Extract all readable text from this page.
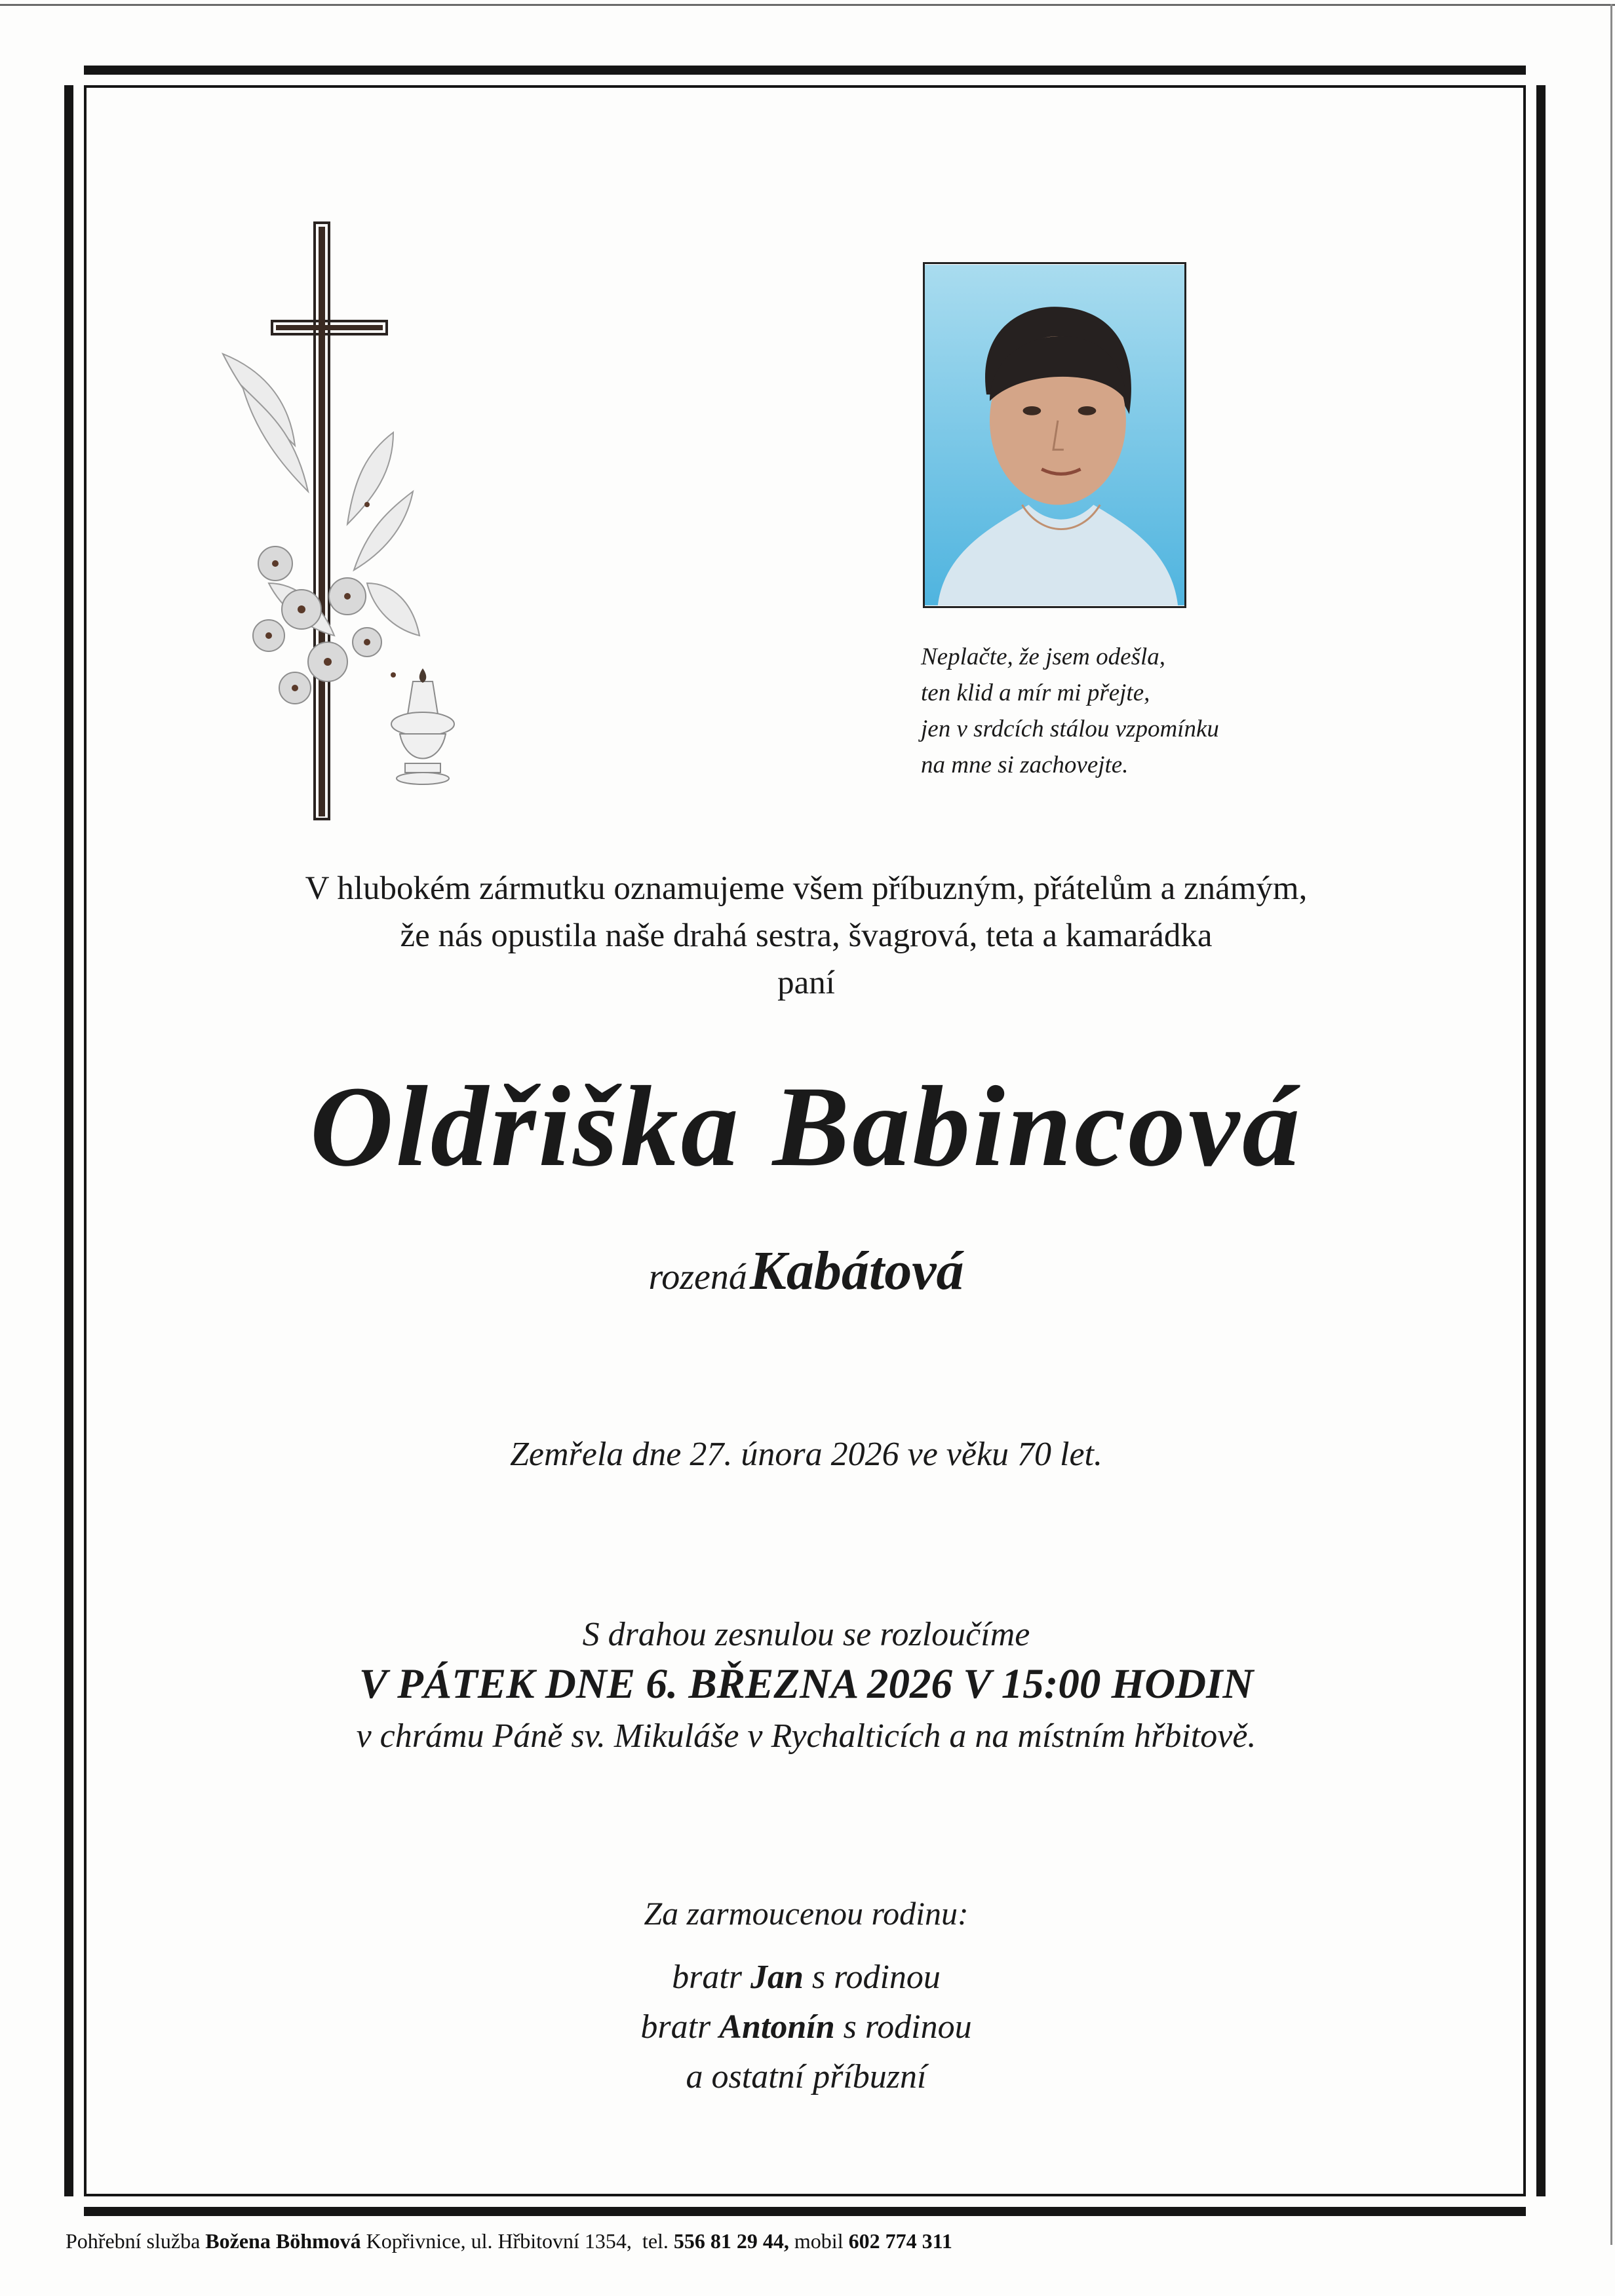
Neplačte, že jsem odešla,
ten klid a mír mi přejte,
jen v srdcích stálou vzpomínku
na mne si zachovejte.
V hlubokém zármutku oznamujeme všem příbuzným, přátelům a známým,
že nás opustila naše drahá sestra, švagrová, teta a kamarádka
paní
Oldřiška Babincová
rozená Kabátová
Zemřela dne 27. února 2026 ve věku 70 let.
S drahou zesnulou se rozloučíme
V PÁTEK DNE 6. BŘEZNA 2026 V 15:00 HODIN
v chrámu Páně sv. Mikuláše v Rychalticích a na místním hřbitově.
Za zarmoucenou rodinu:
bratr Jan s rodinou
bratr Antonín s rodinou
a ostatní příbuzní
Pohřební služba Božena Böhmová Kopřivnice, ul. Hřbitovní 1354, tel. 556 81 29 44, mobil 602 774 311
